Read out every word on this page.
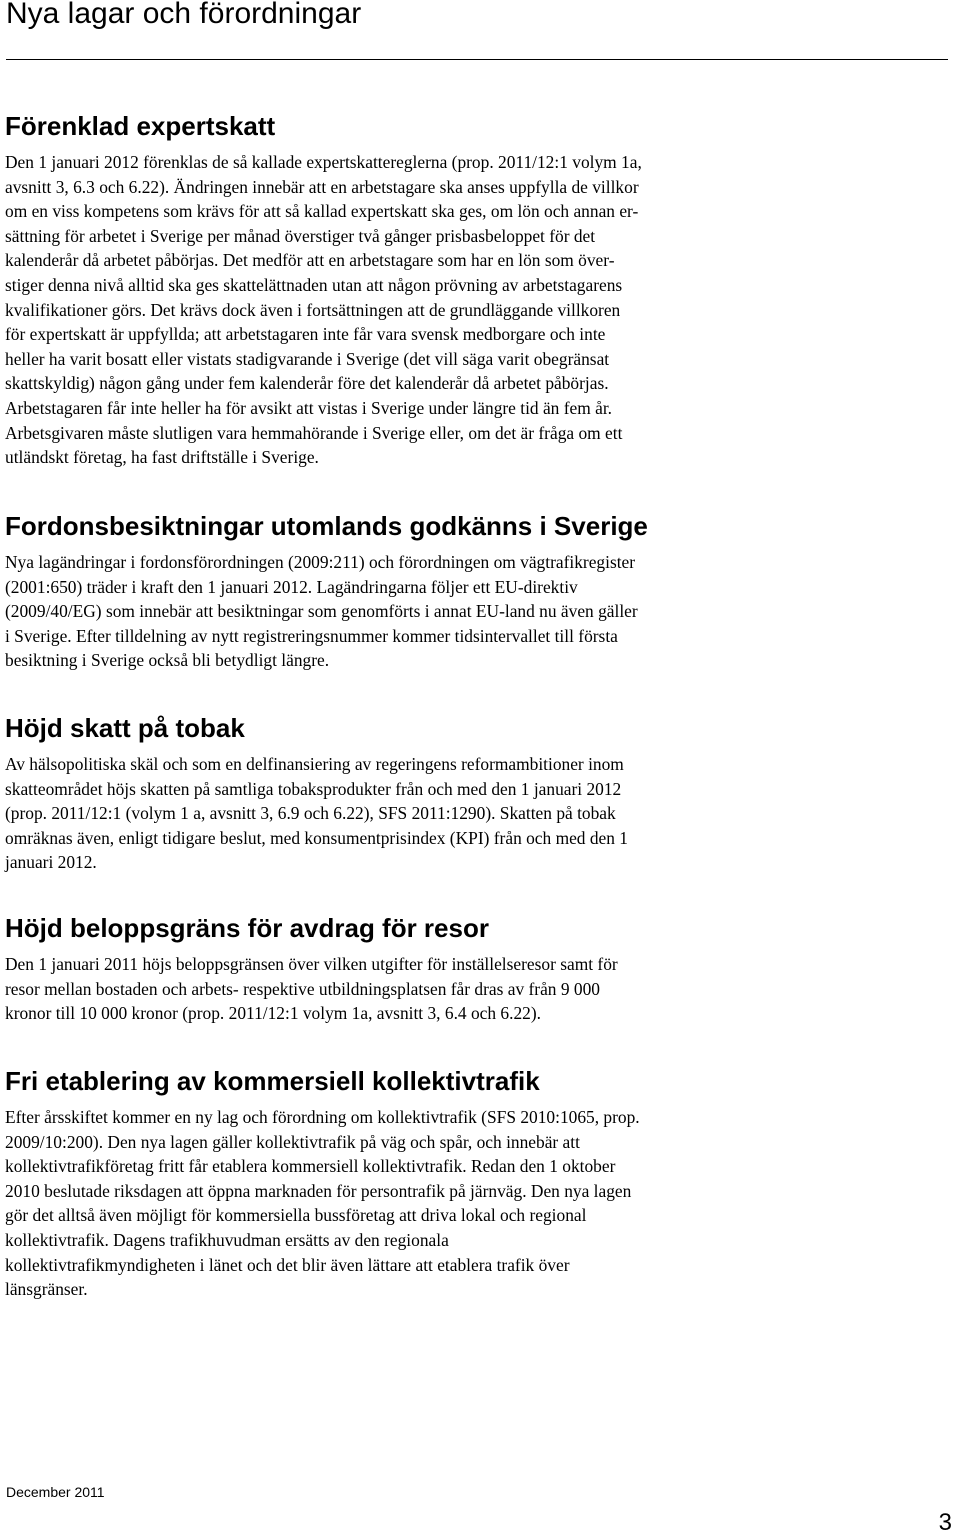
Nya lagar och förordningar
Förenklad expertskatt

Den 1 januari 2012 förenklas de så kallade expertskattereglerna (prop. 2011/12:1 volym 1a,
avsnitt 3, 6.3 och 6.22). Ändringen innebär att en arbetstagare ska anses uppfylla de villkor
om en viss kompetens som krävs för att så kallad expertskatt ska ges, om lön och annan er-
sättning för arbetet i Sverige per månad överstiger två gånger prisbasbeloppet för det
kalenderår då arbetet påbörjas. Det medför att en arbetstagare som har en lön som över-
stiger denna nivå alltid ska ges skattelättnaden utan att någon prövning av arbetstagarens
kvalifikationer görs. Det krävs dock även i fortsättningen att de grundläggande villkoren
för expertskatt är uppfyllda; att arbetstagaren inte får vara svensk medborgare och inte
heller ha varit bosatt eller vistats stadigvarande i Sverige (det vill säga varit obegränsat
skattskyldig) någon gång under fem kalenderår före det kalenderår då arbetet påbörjas.
Arbetstagaren får inte heller ha för avsikt att vistas i Sverige under längre tid än fem år.
Arbetsgivaren måste slutligen vara hemmahörande i Sverige eller, om det är fråga om ett
utländskt företag, ha fast driftställe i Sverige.

Fordonsbesiktningar utomlands godkänns i Sverige

Nya lagändringar i fordonsförordningen (2009:211) och förordningen om vägtrafikregister
(2001:650) träder i kraft den 1 januari 2012. Lagändringarna följer ett EU-direktiv
(2009/40/EG) som innebär att besiktningar som genomförts i annat EU-land nu även gäller
i Sverige. Efter tilldelning av nytt registreringsnummer kommer tidsintervallet till första
besiktning i Sverige också bli betydligt längre.

Höjd skatt på tobak

Av hälsopolitiska skäl och som en delfinansiering av regeringens reformambitioner inom
skatteområdet höjs skatten på samtliga tobaksprodukter från och med den 1 januari 2012
(prop. 2011/12:1 (volym 1 a, avsnitt 3, 6.9 och 6.22), SFS 2011:1290). Skatten på tobak
omräknas även, enligt tidigare beslut, med konsumentprisindex (KPI) från och med den 1
januari 2012.

Höjd beloppsgräns för avdrag för resor

Den 1 januari 2011 höjs beloppsgränsen över vilken utgifter för inställelseresor samt för
resor mellan bostaden och arbets- respektive utbildningsplatsen får dras av från 9 000
kronor till 10 000 kronor (prop. 2011/12:1 volym 1a, avsnitt 3, 6.4 och 6.22).

Fri etablering av kommersiell kollektivtrafik

Efter årsskiftet kommer en ny lag och förordning om kollektivtrafik (SFS 2010:1065, prop.
2009/10:200). Den nya lagen gäller kollektivtrafik på väg och spår, och innebär att
kollektivtrafikföretag fritt får etablera kommersiell kollektivtrafik. Redan den 1 oktober
2010 beslutade riksdagen att öppna marknaden för persontrafik på järnväg. Den nya lagen
gör det alltså även möjligt för kommersiella bussföretag att driva lokal och regional
kollektivtrafik. Dagens trafikhuvudman ersätts av den regionala
kollektivtrafikmyndigheten i länet och det blir även lättare att etablera trafik över
länsgränser.

December 2011
3
